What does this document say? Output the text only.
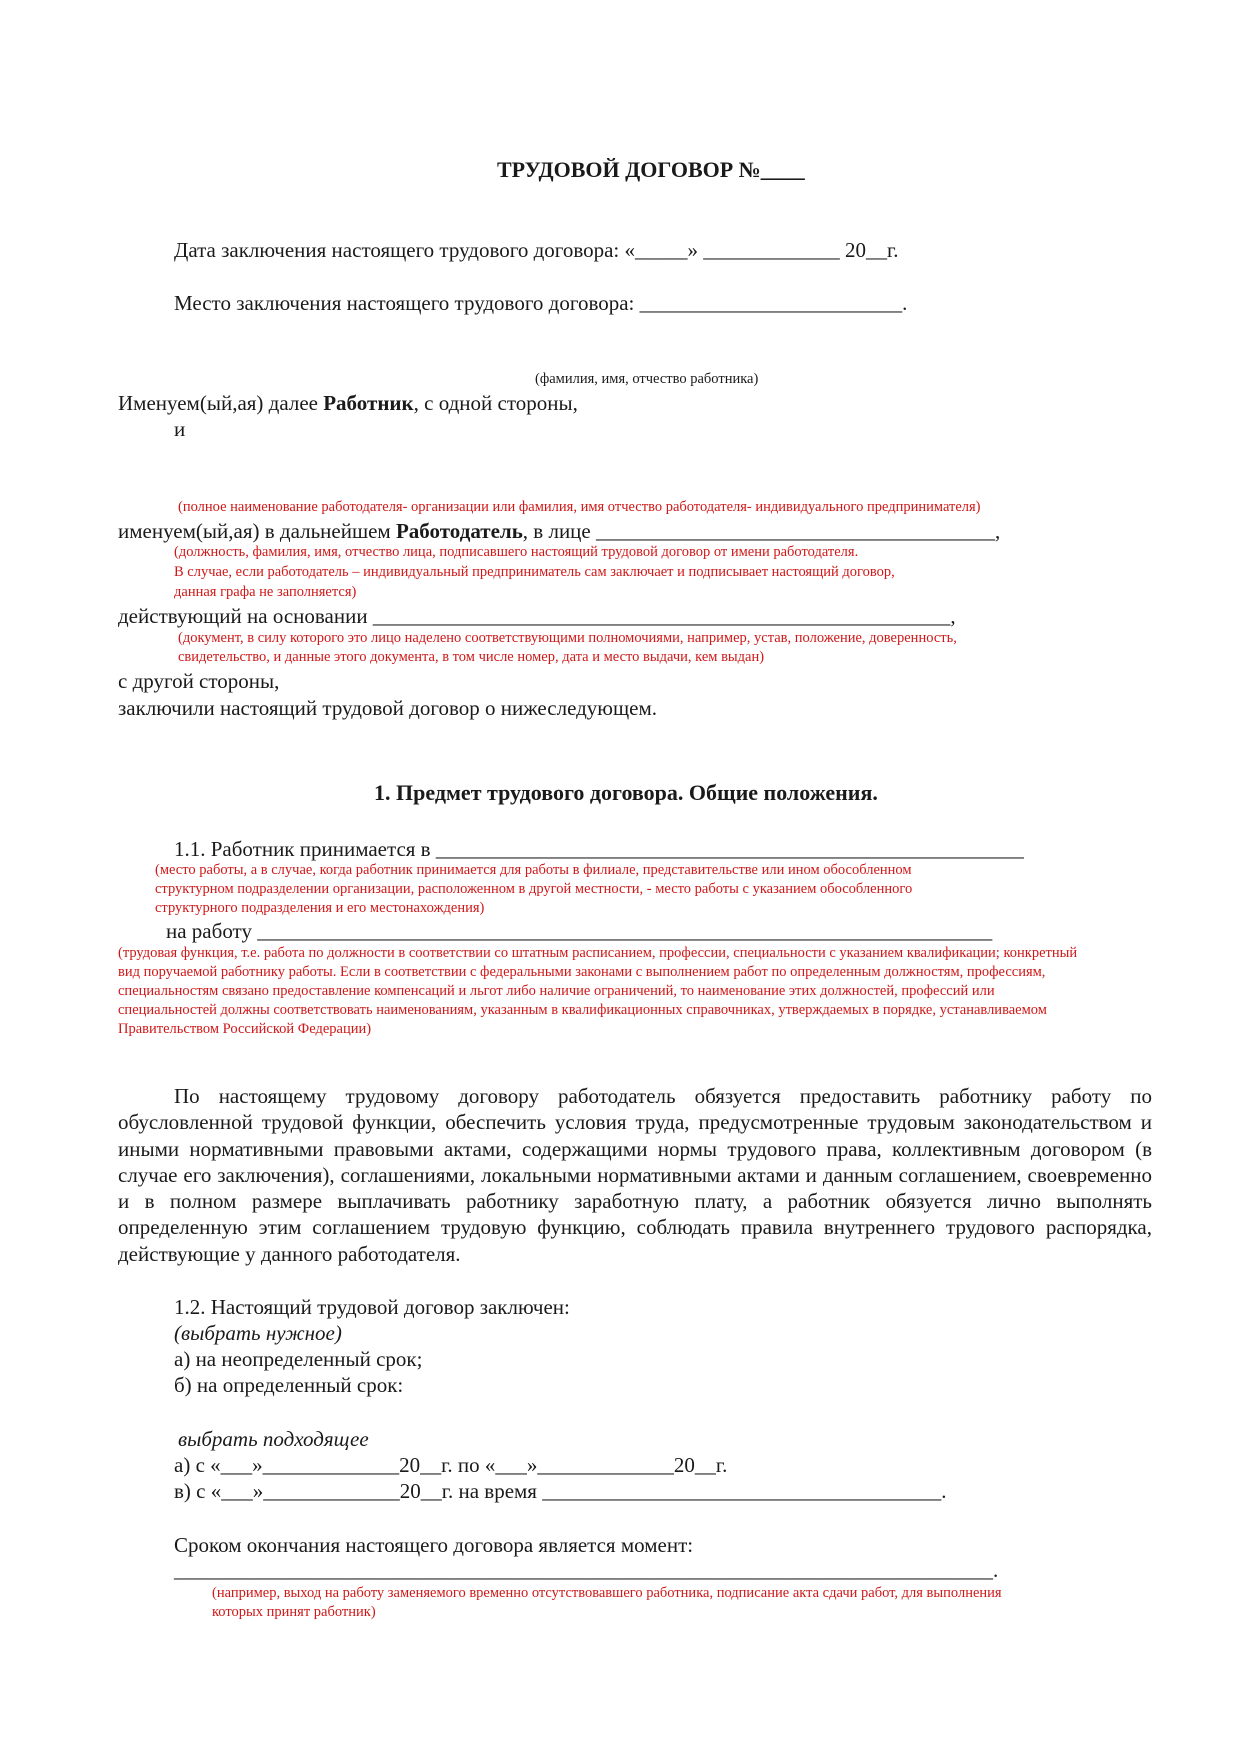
ТРУДОВОЙ ДОГОВОР №____
Дата заключения настоящего трудового договора: «_____» _____________ 20__г.
Место заключения настоящего трудового договора: _________________________.
(фамилия, имя, отчество работника)
Именуем(ый,ая) далее Работник, с одной стороны,
и
(полное наименование работодателя- организации или фамилия, имя отчество работодателя- индивидуального предпринимателя)
именуем(ый,ая) в дальнейшем Работодатель, в лице ______________________________________,
(должность, фамилия, имя, отчество лица, подписавшего настоящий трудовой договор от имени работодателя.
В случае, если работодатель – индивидуальный предприниматель сам заключает и подписывает настоящий договор,
данная графа не заполняется)
действующий на основании _______________________________________________________,
(документ, в силу которого это лицо наделено соответствующими полномочиями, например, устав, положение, доверенность,
свидетельство, и данные этого документа, в том числе номер, дата и место выдачи, кем выдан)
с другой стороны,
заключили настоящий трудовой договор о нижеследующем.
1. Предмет трудового договора. Общие положения.
1.1. Работник принимается в ________________________________________________________
(место работы, а в случае, когда работник принимается для работы в филиале, представительстве или ином обособленном
структурном подразделении организации, расположенном в другой местности, - место работы с указанием обособленного
структурного подразделения и его местонахождения)
на работу ______________________________________________________________________
(трудовая функция, т.е. работа по должности в соответствии со штатным расписанием, профессии, специальности с указанием квалификации; конкретный
вид поручаемой работнику работы. Если в соответствии с федеральными законами с выполнением работ по определенным должностям, профессиям,
специальностям связано предоставление компенсаций и льгот либо наличие ограничений, то наименование этих должностей, профессий или
специальностей должны соответствовать наименованиям, указанным в квалификационных справочниках, утверждаемых в порядке, устанавливаемом
Правительством Российской Федерации)
По настоящему трудовому договору работодатель обязуется предоставить работнику работу по обусловленной трудовой функции, обеспечить условия труда, предусмотренные трудовым законодательством и иными нормативными правовыми актами, содержащими нормы трудового права, коллективным договором (в случае его заключения), соглашениями, локальными нормативными актами и данным соглашением, своевременно и в полном размере выплачивать работнику заработную плату, а работник обязуется лично выполнять определенную этим соглашением трудовую функцию, соблюдать правила внутреннего трудового распорядка, действующие у данного работодателя.
1.2. Настоящий трудовой договор заключен:
(выбрать нужное)
а) на неопределенный срок;
б) на определенный срок:
выбрать подходящее
а) с «___»_____________20__г. по «___»_____________20__г.
в) с «___»_____________20__г. на время ______________________________________.
Сроком окончания настоящего договора является момент:
______________________________________________________________________________.
(например, выход на работу заменяемого временно отсутствовавшего работника, подписание акта сдачи работ, для выполнения
которых принят работник)
